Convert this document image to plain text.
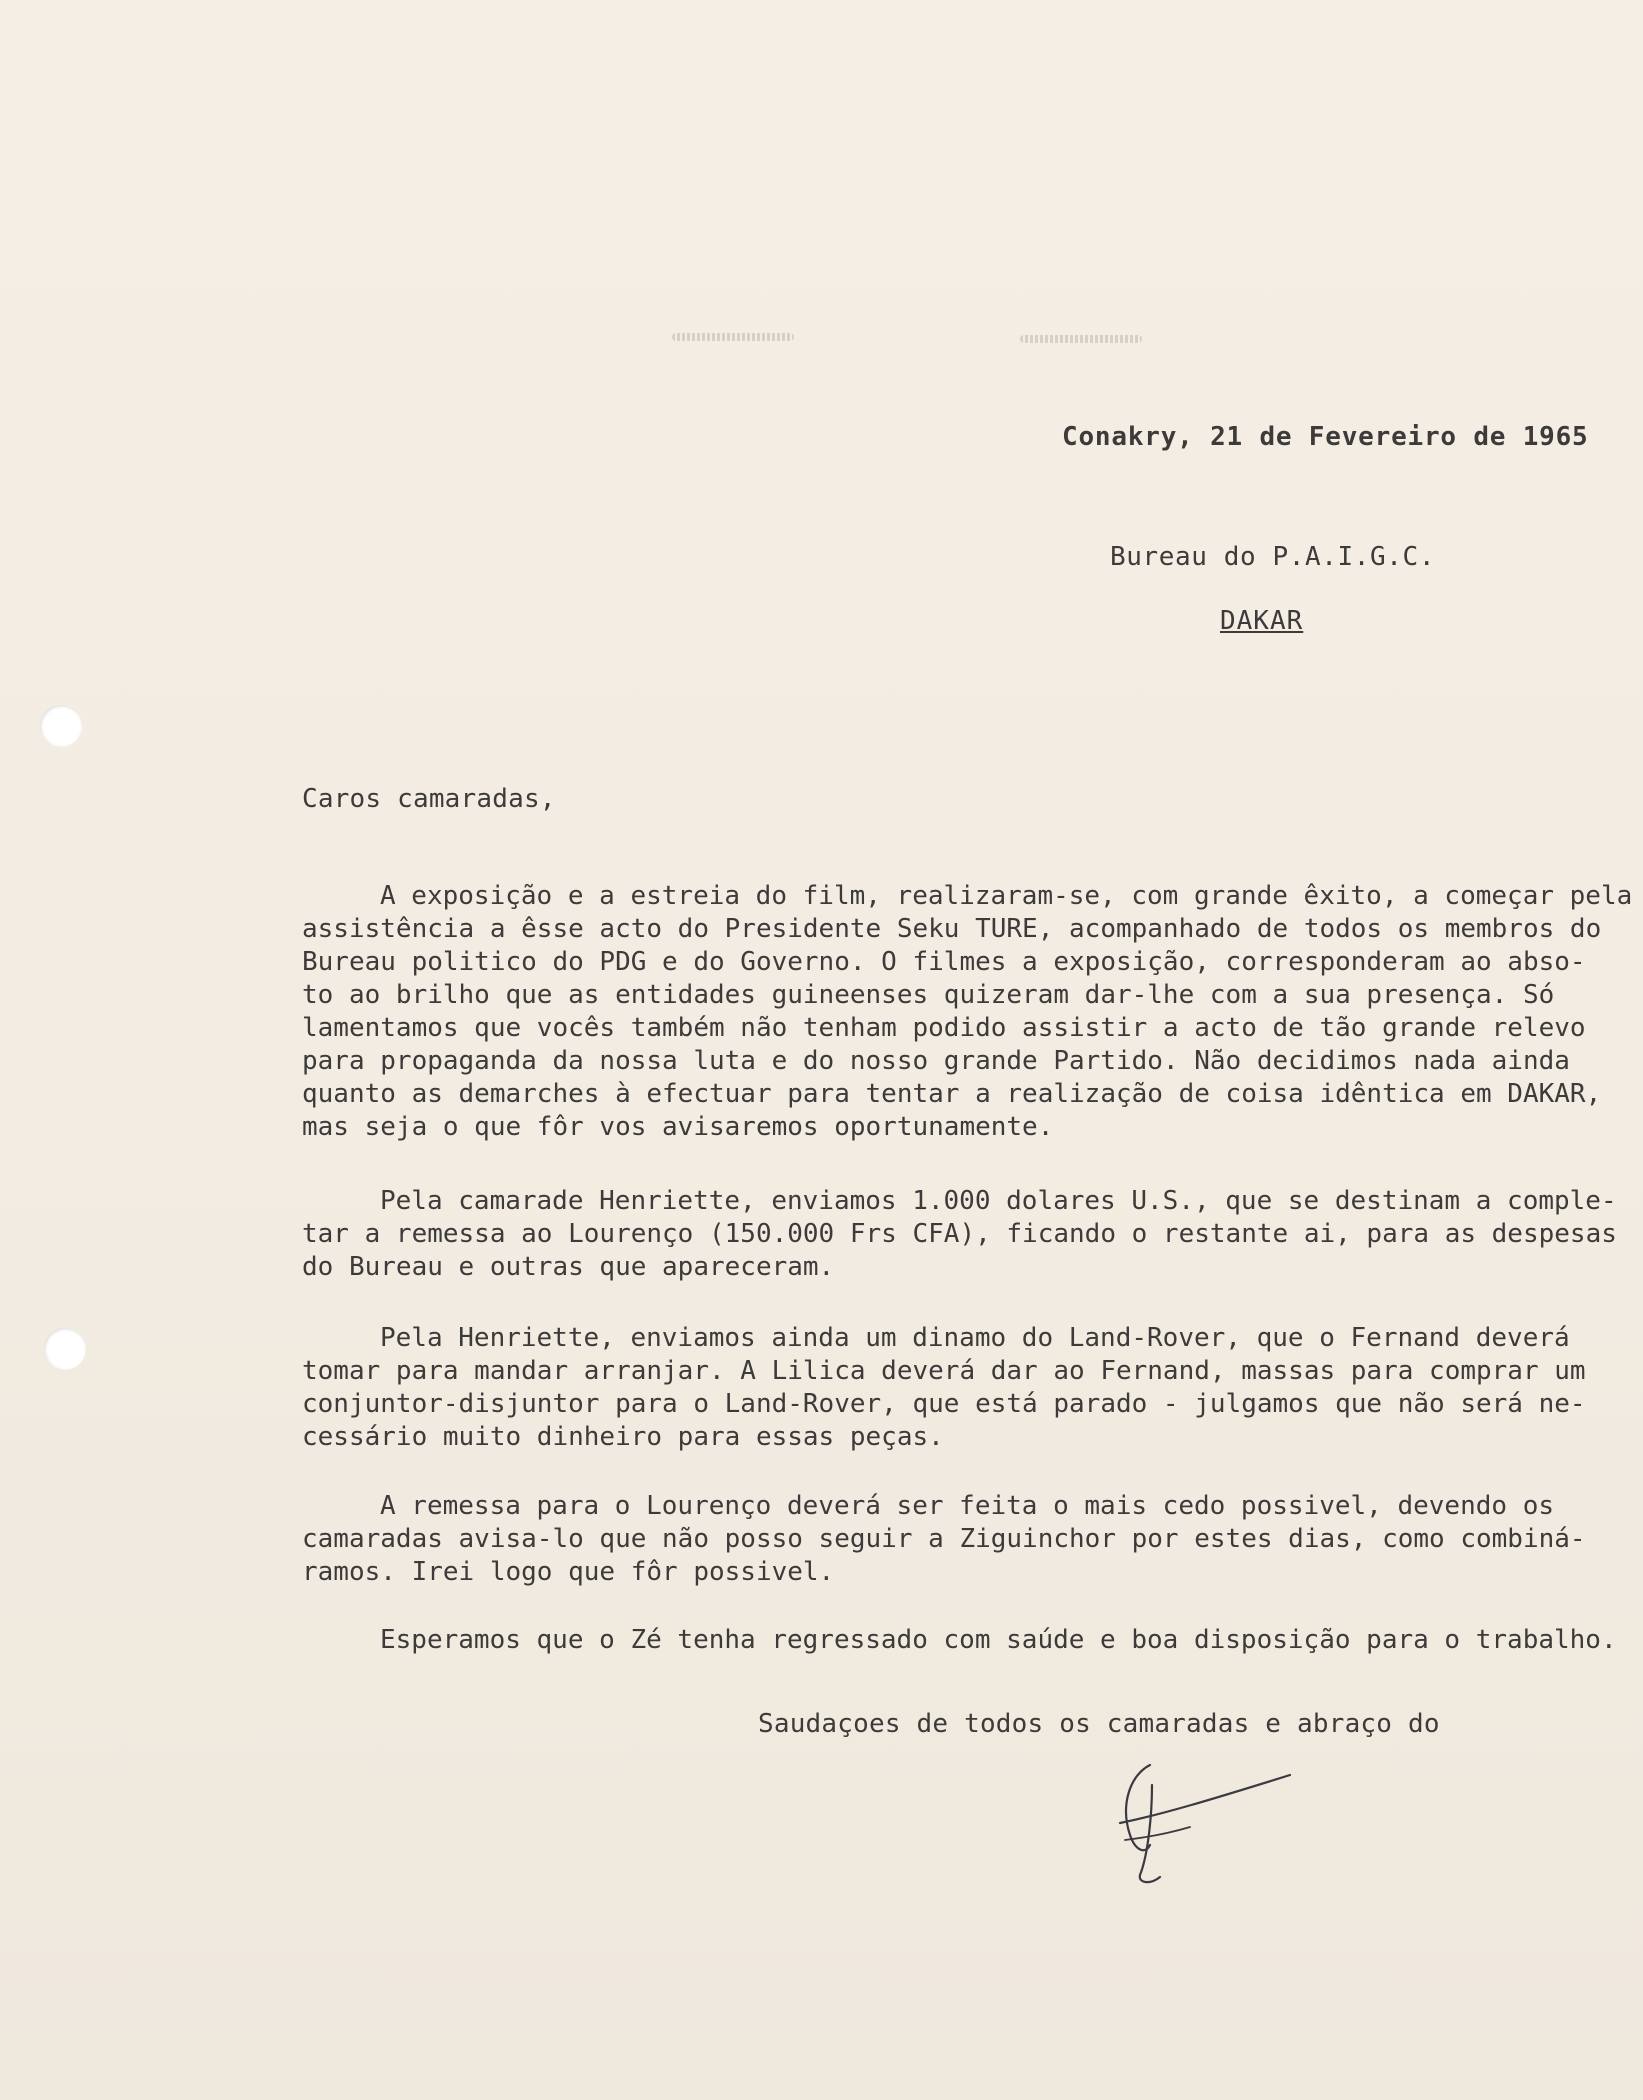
Conakry, 21 de Fevereiro de 1965
Bureau do P.A.I.G.C.
DAKAR
Caros camaradas,
A exposição e a estreia do film, realizaram-se, com grande êxito, a começar pela
assistência a êsse acto do Presidente Seku TURE, acompanhado de todos os membros do
Bureau politico do PDG e do Governo. O filmes a exposição, corresponderam ao abso-
to ao brilho que as entidades guineenses quizeram dar-lhe com a sua presença. Só
lamentamos que vocês também não tenham podido assistir a acto de tão grande relevo
para propaganda da nossa luta e do nosso grande Partido. Não decidimos nada ainda
quanto as demarches à efectuar para tentar a realização de coisa idêntica em DAKAR,
mas seja o que fôr vos avisaremos oportunamente.
Pela camarade Henriette, enviamos 1.000 dolares U.S., que se destinam a comple-
tar a remessa ao Lourenço (150.000 Frs CFA), ficando o restante ai, para as despesas
do Bureau e outras que apareceram.
Pela Henriette, enviamos ainda um dinamo do Land-Rover, que o Fernand deverá
tomar para mandar arranjar. A Lilica deverá dar ao Fernand, massas para comprar um
conjuntor-disjuntor para o Land-Rover, que está parado - julgamos que não será ne-
cessário muito dinheiro para essas peças.
A remessa para o Lourenço deverá ser feita o mais cedo possivel, devendo os
camaradas avisa-lo que não posso seguir a Ziguinchor por estes dias, como combiná-
ramos. Irei logo que fôr possivel.
Esperamos que o Zé tenha regressado com saúde e boa disposição para o trabalho.
Saudaçoes de todos os camaradas e abraço do
